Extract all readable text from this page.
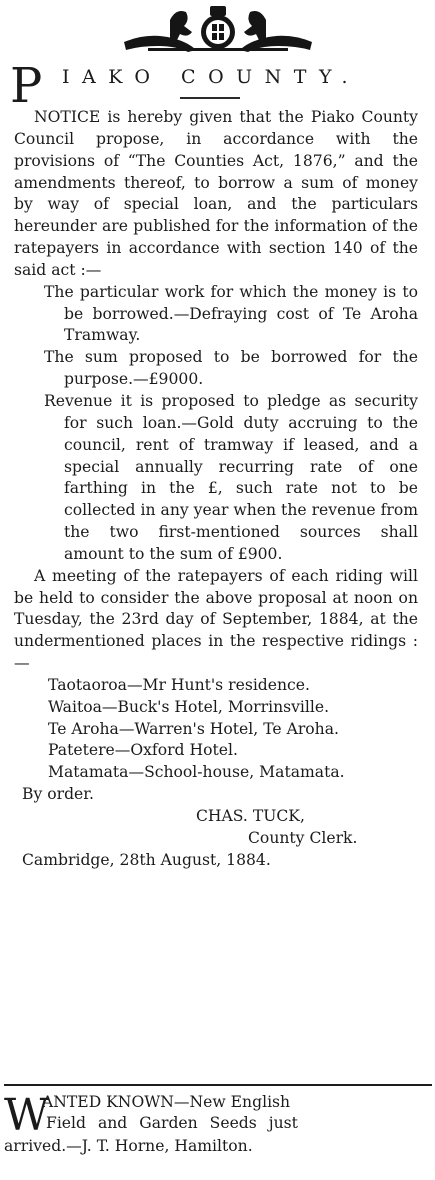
P IAKO COUNTY.

NOTICE is hereby given that the Piako County Council propose, in accordance with the provisions of “The Counties Act, 1876,” and the amendments thereof, to borrow a sum of money by way of special loan, and the particulars hereunder are published for the information of the ratepayers in accordance with section 140 of the said act :—

The particular work for which the money is to be borrowed.—Defraying cost of Te Aroha Tramway.

The sum proposed to be borrowed for the purpose.—£9000.

Revenue it is proposed to pledge as security for such loan.—Gold duty accruing to the council, rent of tramway if leased, and a special annually recurring rate of one farthing in the £, such rate not to be collected in any year when the revenue from the two first-mentioned sources shall amount to the sum of £900.

A meeting of the ratepayers of each riding will be held to consider the above proposal at noon on Tuesday, the 23rd day of September, 1884, at the undermentioned places in the respective ridings : —

Taotaoroa—Mr Hunt's residence.

Waitoa—Buck's Hotel, Morrinsville.

Te Aroha—Warren's Hotel, Te Aroha.

Patetere—Oxford Hotel.

Matamata—School-house, Matamata.

By order.

CHAS. TUCK,

County Clerk.

Cambridge, 28th August, 1884.

W
ANTED KNOWN—New English
Field and Garden Seeds just
arrived.—J. T. Horne, Hamilton.
